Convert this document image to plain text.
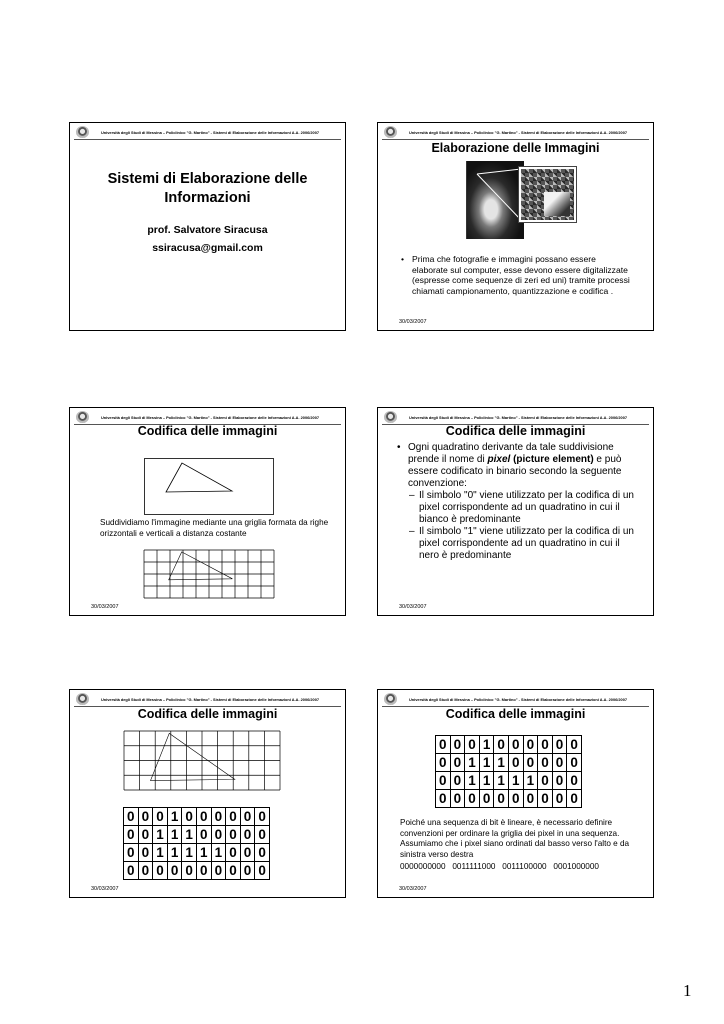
Università degli Studi di Messina – Policlinico "G. Martino" - Sistemi di Elaborazione delle Informazioni A.A. 2006/2007
Sistemi di Elaborazione delle Informazioni
prof. Salvatore Siracusa
ssiracusa@gmail.com
Università degli Studi di Messina – Policlinico "G. Martino" - Sistemi di Elaborazione delle Informazioni A.A. 2006/2007
Elaborazione delle Immagini
• Prima che fotografie e immagini possano essere elaborate sul computer, esse devono essere digitalizzate (espresse come sequenze di zeri ed uni) tramite processi chiamati campionamento, quantizzazione e codifica .
30/03/2007
Università degli Studi di Messina – Policlinico "G. Martino" - Sistemi di Elaborazione delle Informazioni A.A. 2006/2007
Codifica delle immagini
Suddividiamo l'immagine mediante una griglia formata da righe orizzontali e verticali a distanza costante
30/03/2007
Università degli Studi di Messina – Policlinico "G. Martino" - Sistemi di Elaborazione delle Informazioni A.A. 2006/2007
Codifica delle immagini
• Ogni quadratino derivante da tale suddivisione prende il nome di pixel (picture element) e può essere codificato in binario secondo la seguente convenzione:
– Il simbolo "0" viene utilizzato per la codifica di un pixel corrispondente ad un quadratino in cui il bianco è predominante
– Il simbolo "1" viene utilizzato per la codifica di un pixel corrispondente ad un quadratino in cui il nero è predominante
30/03/2007
Università degli Studi di Messina – Policlinico "G. Martino" - Sistemi di Elaborazione delle Informazioni A.A. 2006/2007
Codifica delle immagini
0	0	0	1	0	0	0	0	0	0
0	0	1	1	1	0	0	0	0	0
0	0	1	1	1	1	1	0	0	0
0	0	0	0	0	0	0	0	0	0
30/03/2007
Università degli Studi di Messina – Policlinico "G. Martino" - Sistemi di Elaborazione delle Informazioni A.A. 2006/2007
Codifica delle immagini
0	0	0	1	0	0	0	0	0	0
0	0	1	1	1	0	0	0	0	0
0	0	1	1	1	1	1	0	0	0
0	0	0	0	0	0	0	0	0	0
Poiché una sequenza di bit è lineare, è necessario definire convenzioni per ordinare la griglia dei pixel in una sequenza. Assumiamo che i pixel siano ordinati dal basso verso l'alto e da sinistra verso destra
0000000000   0011111000   0011100000   0001000000
30/03/2007
1
